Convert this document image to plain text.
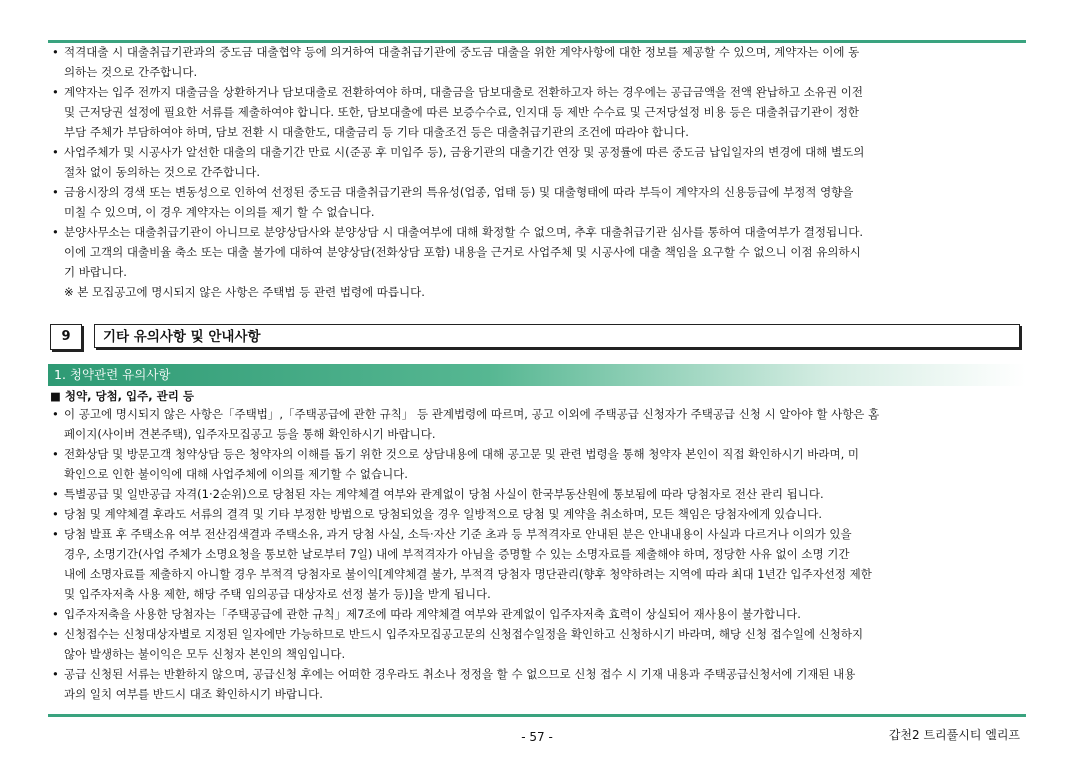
• 적격대출 시 대출취급기관과의 중도금 대출협약 등에 의거하여 대출취급기관에 중도금 대출을 위한 계약사항에 대한 정보를 제공할 수 있으며, 계약자는 이에 동
의하는 것으로 간주합니다.
• 계약자는 입주 전까지 대출금을 상환하거나 담보대출로 전환하여야 하며, 대출금을 담보대출로 전환하고자 하는 경우에는 공급금액을 전액 완납하고 소유권 이전
및 근저당권 설정에 필요한 서류를 제출하여야 합니다. 또한, 담보대출에 따른 보증수수료, 인지대 등 제반 수수료 및 근저당설정 비용 등은 대출취급기관이 정한
부담 주체가 부담하여야 하며, 담보 전환 시 대출한도, 대출금리 등 기타 대출조건 등은 대출취급기관의 조건에 따라야 합니다.
• 사업주체가 및 시공사가 알선한 대출의 대출기간 만료 시(준공 후 미입주 등), 금융기관의 대출기간 연장 및 공정률에 따른 중도금 납입일자의 변경에 대해 별도의
절차 없이 동의하는 것으로 간주합니다.
• 금융시장의 경색 또는 변동성으로 인하여 선정된 중도금 대출취급기관의 특유성(업종, 업태 등) 및 대출형태에 따라 부득이 계약자의 신용등급에 부정적 영향을
미칠 수 있으며, 이 경우 계약자는 이의를 제기 할 수 없습니다.
• 분양사무소는 대출취급기관이 아니므로 분양상담사와 분양상담 시 대출여부에 대해 확정할 수 없으며, 추후 대출취급기관 심사를 통하여 대출여부가 결정됩니다.
이에 고객의 대출비율 축소 또는 대출 불가에 대하여 분양상담(전화상담 포함) 내용을 근거로 사업주체 및 시공사에 대출 책임을 요구할 수 없으니 이점 유의하시
기 바랍니다.
※ 본 모집공고에 명시되지 않은 사항은 주택법 등 관련 법령에 따릅니다.
9	기타 유의사항 및 안내사항
1. 청약관련 유의사항
■ 청약, 당첨, 입주, 관리 등
• 이 공고에 명시되지 않은 사항은「주택법」,「주택공급에 관한 규칙」 등 관계법령에 따르며, 공고 이외에 주택공급 신청자가 주택공급 신청 시 알아야 할 사항은 홈
페이지(사이버 견본주택), 입주자모집공고 등을 통해 확인하시기 바랍니다.
• 전화상담 및 방문고객 청약상담 등은 청약자의 이해를 돕기 위한 것으로 상담내용에 대해 공고문 및 관련 법령을 통해 청약자 본인이 직접 확인하시기 바라며, 미
확인으로 인한 불이익에 대해 사업주체에 이의를 제기할 수 없습니다.
• 특별공급 및 일반공급 자격(1·2순위)으로 당첨된 자는 계약체결 여부와 관계없이 당첨 사실이 한국부동산원에 통보됨에 따라 당첨자로 전산 관리 됩니다.
• 당첨 및 계약체결 후라도 서류의 결격 및 기타 부정한 방법으로 당첨되었을 경우 일방적으로 당첨 및 계약을 취소하며, 모든 책임은 당첨자에게 있습니다.
• 당첨 발표 후 주택소유 여부 전산검색결과 주택소유, 과거 당첨 사실, 소득·자산 기준 초과 등 부적격자로 안내된 분은 안내내용이 사실과 다르거나 이의가 있을
경우, 소명기간(사업 주체가 소명요청을 통보한 날로부터 7일) 내에 부적격자가 아님을 증명할 수 있는 소명자료를 제출해야 하며, 정당한 사유 없이 소명 기간
내에 소명자료를 제출하지 아니할 경우 부적격 당첨자로 불이익[계약체결 불가, 부적격 당첨자 명단관리(향후 청약하려는 지역에 따라 최대 1년간 입주자선정 제한
및 입주자저축 사용 제한, 해당 주택 임의공급 대상자로 선정 불가 등)]을 받게 됩니다.
• 입주자저축을 사용한 당첨자는「주택공급에 관한 규칙」제7조에 따라 계약체결 여부와 관계없이 입주자저축 효력이 상실되어 재사용이 불가합니다.
• 신청접수는 신청대상자별로 지정된 일자에만 가능하므로 반드시 입주자모집공고문의 신청접수일정을 확인하고 신청하시기 바라며, 해당 신청 접수일에 신청하지
않아 발생하는 불이익은 모두 신청자 본인의 책임입니다.
• 공급 신청된 서류는 반환하지 않으며, 공급신청 후에는 어떠한 경우라도 취소나 정정을 할 수 없으므로 신청 접수 시 기재 내용과 주택공급신청서에 기재된 내용
과의 일치 여부를 반드시 대조 확인하시기 바랍니다.
- 57 -	갑천2 트리풀시티 엘리프
